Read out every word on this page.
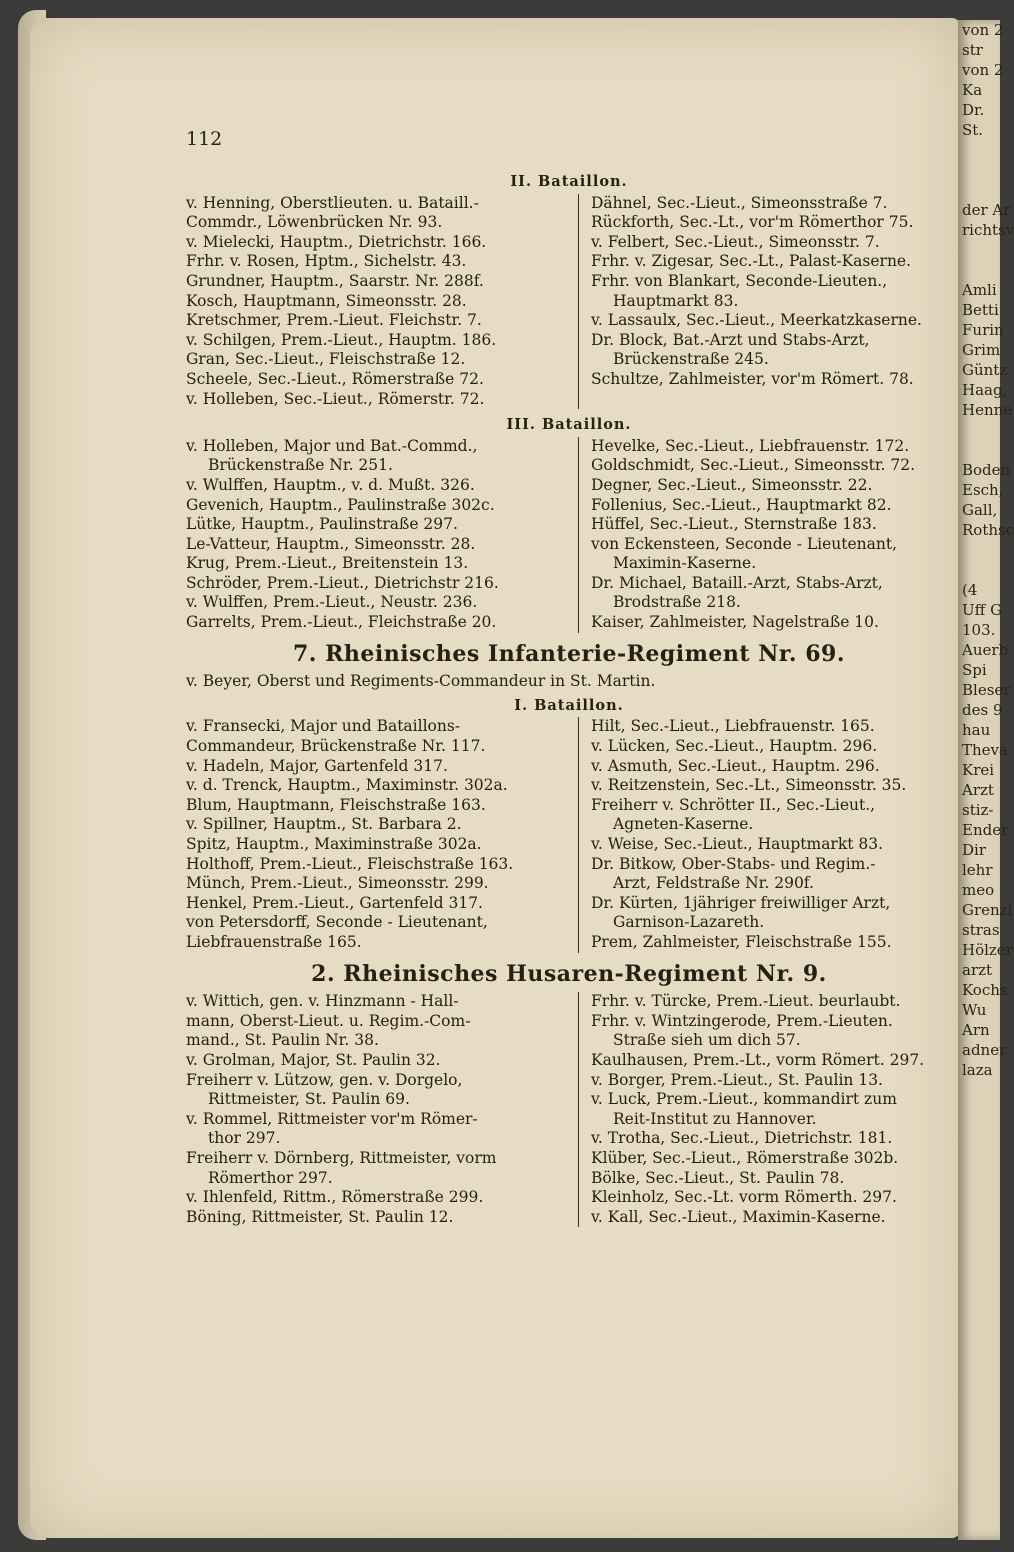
von 2
str
von 2
Ka
Dr.
St.

der Ar
richtsv

Amli
Betti
Furin
Grim
Güntz
Haag,
Henne

Boden
Esch,
Gall,
Rothsc

(4
Uff G
103.
Auerb
Spi
Bleser
des 9
hau
Theva
Krei
Arzt
stiz-
Ender
Dir
lehr
meo
Grenzl
stras
Hölzer
arzt
Kochs
Wu
Arn
adner
laza
112
II. Bataillon.
v. Henning, Oberstlieuten. u. Bataill.-
Commdr., Löwenbrücken Nr. 93.
v. Mielecki, Hauptm., Dietrichstr. 166.
Frhr. v. Rosen, Hptm., Sichelstr. 43.
Grundner, Hauptm., Saarstr. Nr. 288f.
Kosch, Hauptmann, Simeonsstr. 28.
Kretschmer, Prem.-Lieut. Fleichstr. 7.
v. Schilgen, Prem.-Lieut., Hauptm. 186.
Gran, Sec.-Lieut., Fleischstraße 12.
Scheele, Sec.-Lieut., Römerstraße 72.
v. Holleben, Sec.-Lieut., Römerstr. 72.
Dähnel, Sec.-Lieut., Simeonsstraße 7.
Rückforth, Sec.-Lt., vor'm Römerthor 75.
v. Felbert, Sec.-Lieut., Simeonsstr. 7.
Frhr. v. Zigesar, Sec.-Lt., Palast-Kaserne.
Frhr. von Blankart, Seconde-Lieuten.,
Hauptmarkt 83.
v. Lassaulx, Sec.-Lieut., Meerkatzkaserne.
Dr. Block, Bat.-Arzt und Stabs-Arzt,
Brückenstraße 245.
Schultze, Zahlmeister, vor'm Römert. 78.
III. Bataillon.
v. Holleben, Major und Bat.-Commd.,
Brückenstraße Nr. 251.
v. Wulffen, Hauptm., v. d. Mußt. 326.
Gevenich, Hauptm., Paulinstraße 302c.
Lütke, Hauptm., Paulinstraße 297.
Le-Vatteur, Hauptm., Simeonsstr. 28.
Krug, Prem.-Lieut., Breitenstein 13.
Schröder, Prem.-Lieut., Dietrichstr 216.
v. Wulffen, Prem.-Lieut., Neustr. 236.
Garrelts, Prem.-Lieut., Fleichstraße 20.
Hevelke, Sec.-Lieut., Liebfrauenstr. 172.
Goldschmidt, Sec.-Lieut., Simeonsstr. 72.
Degner, Sec.-Lieut., Simeonsstr. 22.
Follenius, Sec.-Lieut., Hauptmarkt 82.
Hüffel, Sec.-Lieut., Sternstraße 183.
von Eckensteen, Seconde - Lieutenant,
Maximin-Kaserne.
Dr. Michael, Bataill.-Arzt, Stabs-Arzt,
Brodstraße 218.
Kaiser, Zahlmeister, Nagelstraße 10.
7. Rheinisches Infanterie-Regiment Nr. 69.
v. Beyer, Oberst und Regiments-Commandeur in St. Martin.
I. Bataillon.
v. Fransecki, Major und Bataillons-
Commandeur, Brückenstraße Nr. 117.
v. Hadeln, Major, Gartenfeld 317.
v. d. Trenck, Hauptm., Maximinstr. 302a.
Blum, Hauptmann, Fleischstraße 163.
v. Spillner, Hauptm., St. Barbara 2.
Spitz, Hauptm., Maximinstraße 302a.
Holthoff, Prem.-Lieut., Fleischstraße 163.
Münch, Prem.-Lieut., Simeonsstr. 299.
Henkel, Prem.-Lieut., Gartenfeld 317.
von Petersdorff, Seconde - Lieutenant,
Liebfrauenstraße 165.
Hilt, Sec.-Lieut., Liebfrauenstr. 165.
v. Lücken, Sec.-Lieut., Hauptm. 296.
v. Asmuth, Sec.-Lieut., Hauptm. 296.
v. Reitzenstein, Sec.-Lt., Simeonsstr. 35.
Freiherr v. Schrötter II., Sec.-Lieut.,
Agneten-Kaserne.
v. Weise, Sec.-Lieut., Hauptmarkt 83.
Dr. Bitkow, Ober-Stabs- und Regim.-
Arzt, Feldstraße Nr. 290f.
Dr. Kürten, 1jähriger freiwilliger Arzt,
Garnison-Lazareth.
Prem, Zahlmeister, Fleischstraße 155.
2. Rheinisches Husaren-Regiment Nr. 9.
v. Wittich, gen. v. Hinzmann - Hall-
mann, Oberst-Lieut. u. Regim.-Com-
mand., St. Paulin Nr. 38.
v. Grolman, Major, St. Paulin 32.
Freiherr v. Lützow, gen. v. Dorgelo,
Rittmeister, St. Paulin 69.
v. Rommel, Rittmeister vor'm Römer-
thor 297.
Freiherr v. Dörnberg, Rittmeister, vorm
Römerthor 297.
v. Ihlenfeld, Rittm., Römerstraße 299.
Böning, Rittmeister, St. Paulin 12.
Frhr. v. Türcke, Prem.-Lieut. beurlaubt.
Frhr. v. Wintzingerode, Prem.-Lieuten.
Straße sieh um dich 57.
Kaulhausen, Prem.-Lt., vorm Römert. 297.
v. Borger, Prem.-Lieut., St. Paulin 13.
v. Luck, Prem.-Lieut., kommandirt zum
Reit-Institut zu Hannover.
v. Trotha, Sec.-Lieut., Dietrichstr. 181.
Klüber, Sec.-Lieut., Römerstraße 302b.
Bölke, Sec.-Lieut., St. Paulin 78.
Kleinholz, Sec.-Lt. vorm Römerth. 297.
v. Kall, Sec.-Lieut., Maximin-Kaserne.
